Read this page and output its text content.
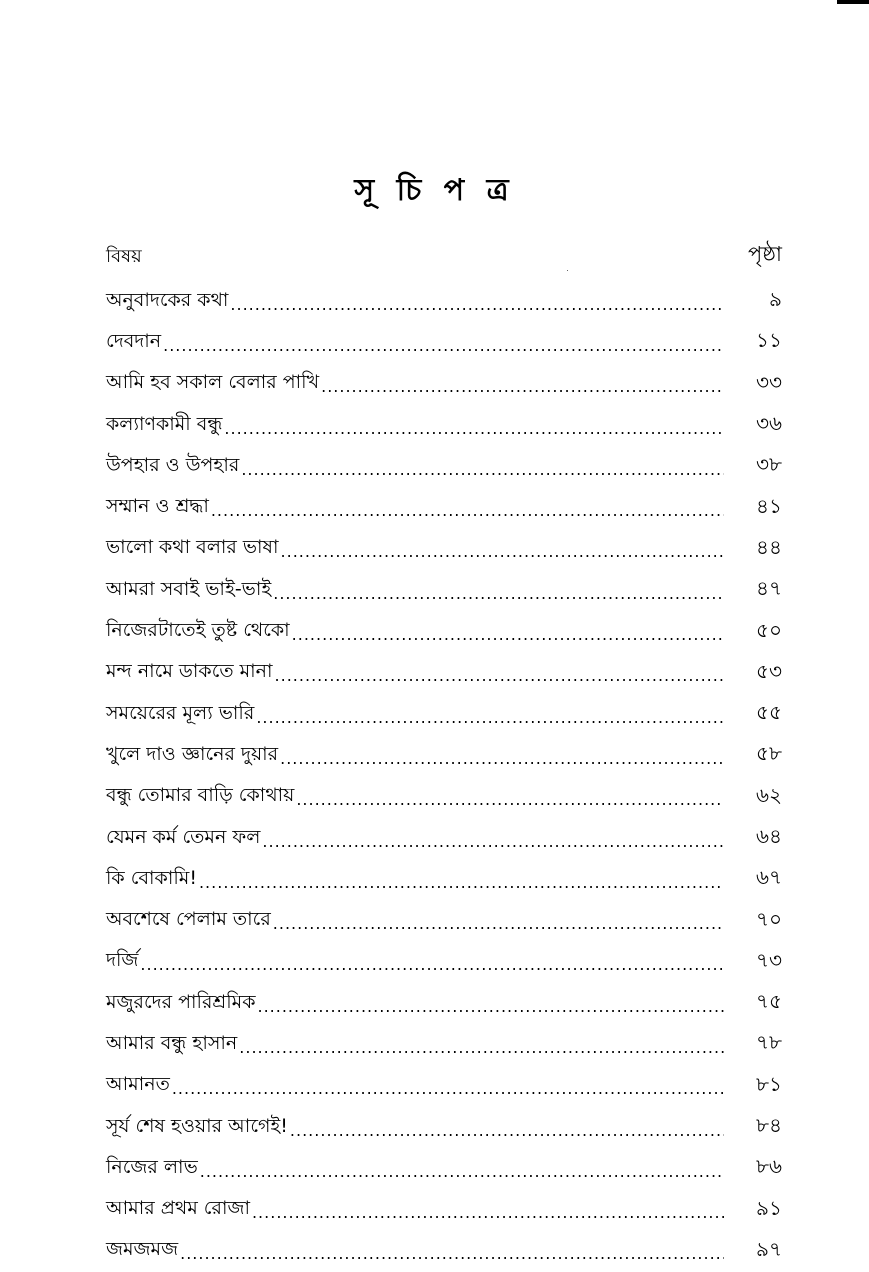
সূ চি প ত্র
বিষয়	পৃষ্ঠা
অনুবাদকের কথা .....	৯
দেবদান .....	১১
আমি হব সকাল বেলার পাখি .....	৩৩
কল্যাণকামী বন্ধু .....	৩৬
উপহার ও উপহার .....	৩৮
সম্মান ও শ্রদ্ধা .....	৪১
ভালো কথা বলার ভাষা .....	৪৪
আমরা সবাই ভাই-ভাই .....	৪৭
নিজেরটাতেই তুষ্ট থেকো .....	৫০
মন্দ নামে ডাকতে মানা .....	৫৩
সময়েরের মূল্য ভারি .....	৫৫
খুলে দাও জ্ঞানের দুয়ার .....	৫৮
বন্ধু তোমার বাড়ি কোথায় .....	৬২
যেমন কর্ম তেমন ফল .....	৬৪
কি বোকামি! .....	৬৭
অবশেষে পেলাম তারে .....	৭০
দর্জি .....	৭৩
মজুরদের পারিশ্রমিক .....	৭৫
আমার বন্ধু হাসান .....	৭৮
আমানত .....	৮১
সূর্য শেষ হওয়ার আগেই! .....	৮৪
নিজের লাভ .....	৮৬
আমার প্রথম রোজা .....	৯১
জমজমজ .....	৯৭
